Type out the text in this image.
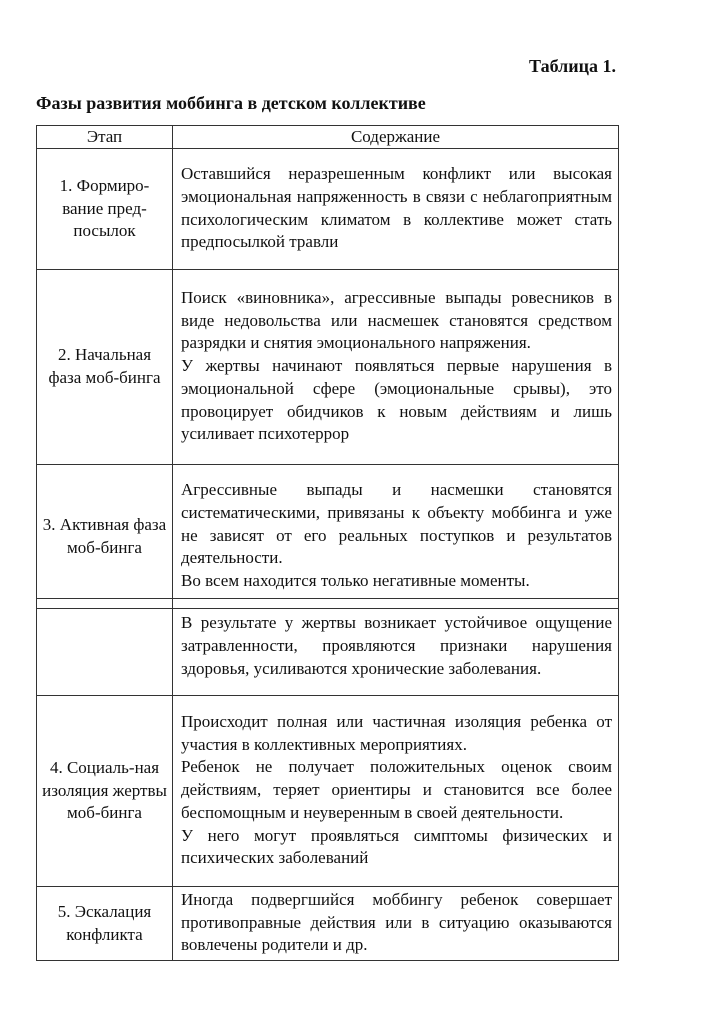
Таблица 1.
Фазы развития моббинга в детском коллективе
Этап	Содержание
1. Формиро-вание пред-посылок	Оставшийся неразрешенным конфликт или высокая эмоциональная напряженность в связи с неблагоприятным психологическим климатом в коллективе может стать предпосылкой травли

2. Начальная фаза моб-бинга	Поиск «виновника», агрессивные выпады ровесников в виде недовольства или насмешек становятся средством разрядки и снятия эмоционального напряжения.
У жертвы начинают появляться первые нарушения в эмоциональной сфере (эмоциональные срывы), это провоцирует обидчиков к новым действиям и лишь усиливает психотеррор

3. Активная фаза моб-бинга	Агрессивные выпады и насмешки становятся систематическими, привязаны к объекту моббинга и уже не зависят от его реальных поступков и результатов деятельности.
Во всем находится только негативные моменты.

	В результате у жертвы возникает устойчивое ощущение затравленности, проявляются признаки нарушения здоровья, усиливаются хронические заболевания.

4. Социаль-ная изоляция жертвы моб-бинга	Происходит полная или частичная изоляция ребенка от участия в коллективных мероприятиях.
Ребенок не получает положительных оценок своим действиям, теряет ориентиры и становится все более беспомощным и неуверенным в своей деятельности.
У него могут проявляться симптомы физических и психических заболеваний

5. Эскалация конфликта	Иногда подвергшийся моббингу ребенок совершает противоправные действия или в ситуацию оказываются вовлечены родители и др.
